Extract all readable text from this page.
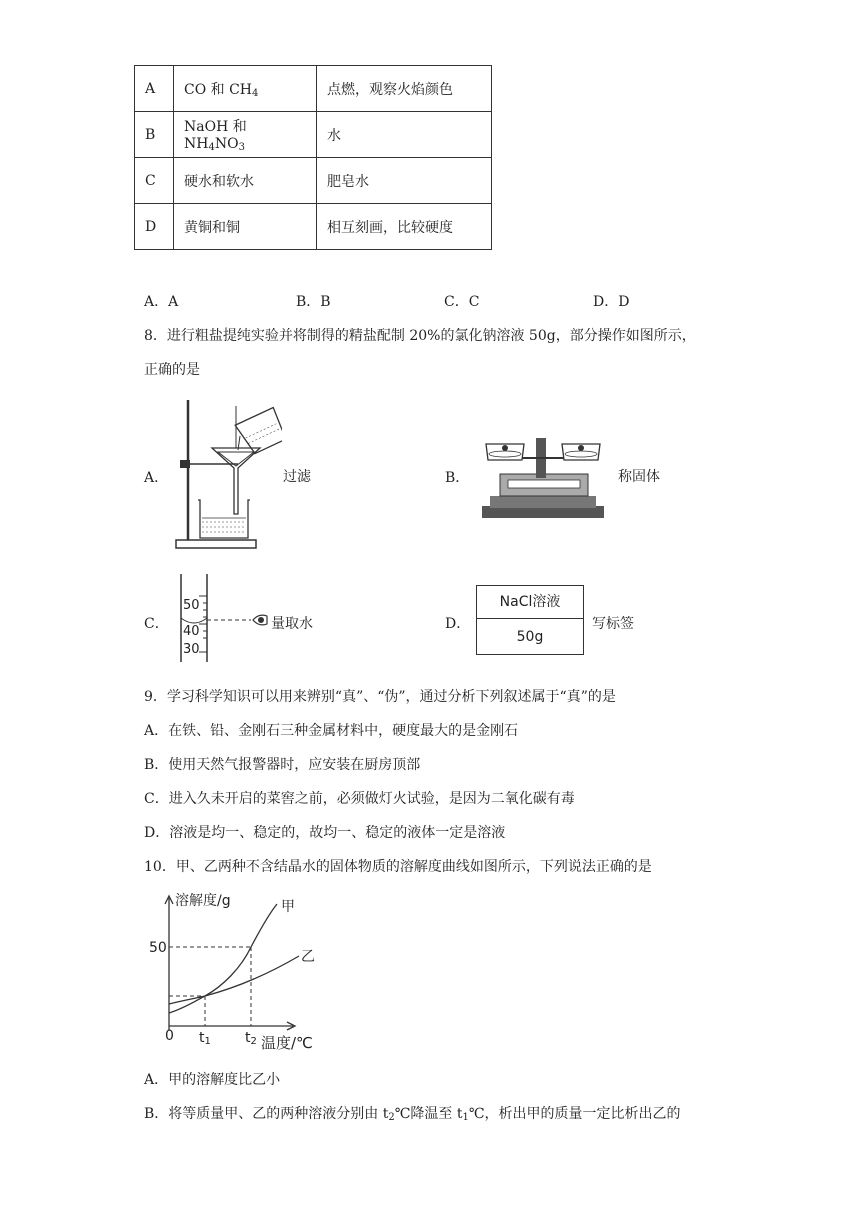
A	CO 和 $CH_4$	点燃，观察火焰颜色
B	NaOH 和 $NH_4NO_3$	水
C	硬水和软水	肥皂水
D	黄铜和铜	相互刻画，比较硬度
A．A	B．B	C．C	D．D
8．进行粗盐提纯实验并将制得的精盐配制 20%的氯化钠溶液 50g，部分操作如图所示，
正确的是
A．	过滤	B．	称固体
C．
50
40
30
量取水	D．
NaCl溶液
50g
写标签
9．学习科学知识可以用来辨别“真”、“伪”，通过分析下列叙述属于“真”的是
A．在铁、铅、金刚石三种金属材料中，硬度最大的是金刚石
B．使用天然气报警器时，应安装在厨房顶部
C．进入久未开启的菜窖之前，必须做灯火试验，是因为二氧化碳有毒
D．溶液是均一、稳定的，故均一、稳定的液体一定是溶液
10．甲、乙两种不含结晶水的固体物质的溶解度曲线如图所示，下列说法正确的是
溶解度/g
50
0 $t_1$ $t_2$ 温度/℃
甲
乙
A．甲的溶解度比乙小
B．将等质量甲、乙的两种溶液分别由 $t_2℃$降温至 $t_1℃$，析出甲的质量一定比析出乙的
